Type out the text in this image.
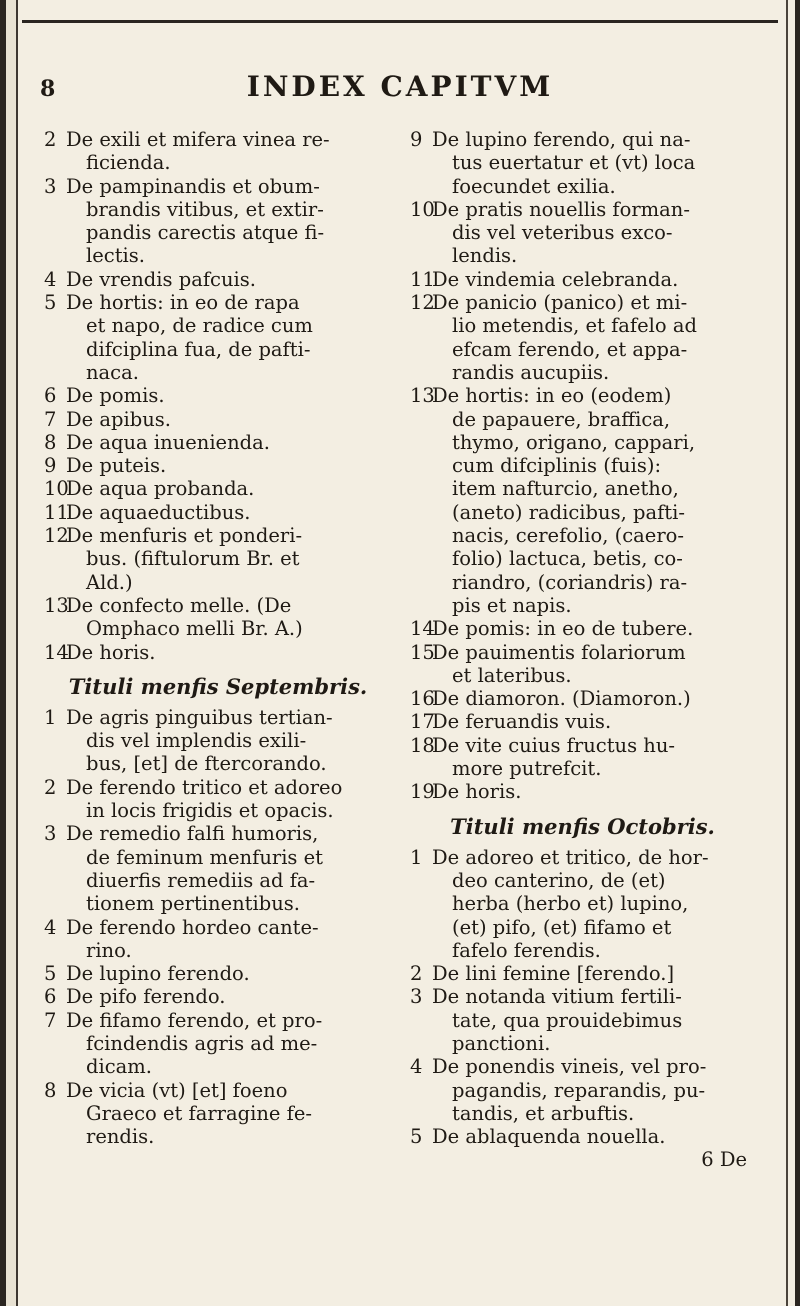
8	INDEX CAPITVM
2 De exili et mifera vinea re-
ficienda.
3 De pampinandis et obum-
brandis vitibus, et extir-
pandis carectis atque fi-
lectis.
4 De vrendis pafcuis.
5 De hortis: in eo de rapa
et napo, de radice cum
difciplina fua, de pafti-
naca.
6 De pomis.
7 De apibus.
8 De aqua inuenienda.
9 De puteis.
10
De aqua probanda.
11
De aquaeductibus.
12
De menfuris et ponderi-
bus. (fiftulorum Br. et
Ald.)
13
De confecto melle. (De
Omphaco melli Br. A.)
14
De horis.
Tituli menfis Septembris.
1 De agris pinguibus tertian-
dis vel implendis exili-
bus, [et] de ftercorando.
2 De ferendo tritico et adoreo
in locis frigidis et opacis.
3 De remedio falfi humoris,
de feminum menfuris et
diuerfis remediis ad fa-
tionem pertinentibus.
4 De ferendo hordeo cante-
rino.
5 De lupino ferendo.
6 De pifo ferendo.
7 De fifamo ferendo, et pro-
fcindendis agris ad me-
dicam.
8 De vicia (vt) [et] foeno
Graeco et farragine fe-
rendis.
9 De lupino ferendo, qui na-
tus euertatur et (vt) loca
foecundet exilia.
10
De pratis nouellis forman-
dis vel veteribus exco-
lendis.
11
De vindemia celebranda.
12
De panicio (panico) et mi-
lio metendis, et fafelo ad
efcam ferendo, et appa-
randis aucupiis.
13
De hortis: in eo (eodem)
de papauere, braffica,
thymo, origano, cappari,
cum difciplinis (fuis):
item nafturcio, anetho,
(aneto) radicibus, pafti-
nacis, cerefolio, (caero-
folio) lactuca, betis, co-
riandro, (coriandris) ra-
pis et napis.
14
De pomis: in eo de tubere.
15
De pauimentis folariorum
et lateribus.
16
De diamoron. (Diamoron.)
17
De feruandis vuis.
18
De vite cuius fructus hu-
more putrefcit.
19
De horis.
Tituli menfis Octobris.
1 De adoreo et tritico, de hor-
deo canterino, de (et)
herba (herbo et) lupino,
(et) pifo, (et) fifamo et
fafelo ferendis.
2 De lini femine [ferendo.]
3 De notanda vitium fertili-
tate, qua prouidebimus
panctioni.
4 De ponendis vineis, vel pro-
pagandis, reparandis, pu-
tandis, et arbuftis.
5 De ablaquenda nouella.
6 De
